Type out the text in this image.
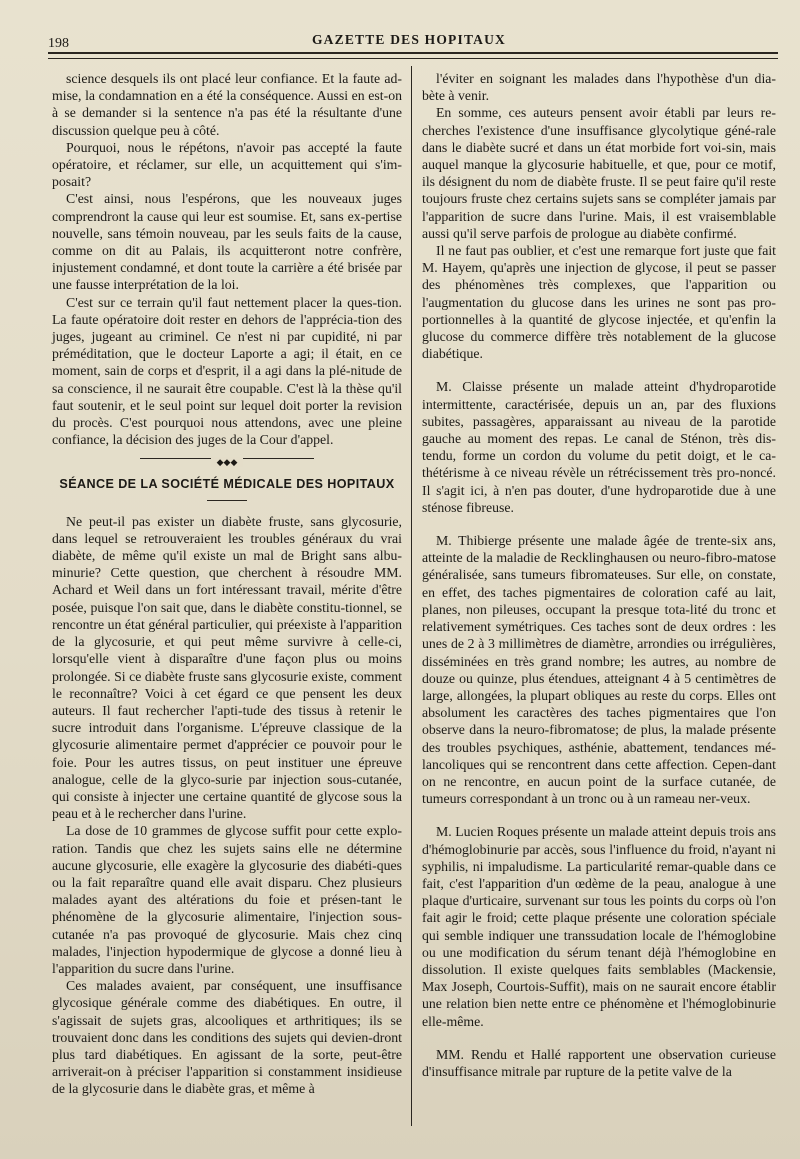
198	GAZETTE DES HOPITAUX

science desquels ils ont placé leur confiance. Et la faute ad-mise, la condamnation en a été la conséquence. Aussi en est-on à se demander si la sentence n'a pas été la résultante d'une discussion quelque peu à côté.

Pourquoi, nous le répétons, n'avoir pas accepté la faute opératoire, et réclamer, sur elle, un acquittement qui s'im-posait?

C'est ainsi, nous l'espérons, que les nouveaux juges comprendront la cause qui leur est soumise. Et, sans ex-pertise nouvelle, sans témoin nouveau, par les seuls faits de la cause, comme on dit au Palais, ils acquitteront notre confrère, injustement condamné, et dont toute la carrière a été brisée par une fausse interprétation de la loi.

C'est sur ce terrain qu'il faut nettement placer la ques-tion. La faute opératoire doit rester en dehors de l'apprécia-tion des juges, jugeant au criminel. Ce n'est ni par cupidité, ni par préméditation, que le docteur Laporte a agi; il était, en ce moment, sain de corps et d'esprit, il a agi dans la plé-nitude de sa conscience, il ne saurait être coupable. C'est là la thèse qu'il faut soutenir, et le seul point sur lequel doit porter la revision du procès. C'est pourquoi nous attendons, avec une pleine confiance, la décision des juges de la Cour d'appel.

◆◆◆
SÉANCE DE LA SOCIÉTÉ MÉDICALE DES HOPITAUX

Ne peut-il pas exister un diabète fruste, sans glycosurie, dans lequel se retrouveraient les troubles généraux du vrai diabète, de même qu'il existe un mal de Bright sans albu-minurie? Cette question, que cherchent à résoudre MM. Achard et Weil dans un fort intéressant travail, mérite d'être posée, puisque l'on sait que, dans le diabète constitu-tionnel, se rencontre un état général particulier, qui préexiste à l'apparition de la glycosurie, et qui peut même survivre à celle-ci, lorsqu'elle vient à disparaître d'une façon plus ou moins prolongée. Si ce diabète fruste sans glycosurie existe, comment le reconnaître? Voici à cet égard ce que pensent les deux auteurs. Il faut rechercher l'apti-tude des tissus à retenir le sucre introduit dans l'organisme. L'épreuve classique de la glycosurie alimentaire permet d'apprécier ce pouvoir pour le foie. Pour les autres tissus, on peut instituer une épreuve analogue, celle de la glyco-surie par injection sous-cutanée, qui consiste à injecter une certaine quantité de glycose sous la peau et à le rechercher dans l'urine.

La dose de 10 grammes de glycose suffit pour cette explo-ration. Tandis que chez les sujets sains elle ne détermine aucune glycosurie, elle exagère la glycosurie des diabéti-ques ou la fait reparaître quand elle avait disparu. Chez plusieurs malades ayant des altérations du foie et présen-tant le phénomène de la glycosurie alimentaire, l'injection sous-cutanée n'a pas provoqué de glycosurie. Mais chez cinq malades, l'injection hypodermique de glycose a donné lieu à l'apparition du sucre dans l'urine.

Ces malades avaient, par conséquent, une insuffisance glycosique générale comme des diabétiques. En outre, il s'agissait de sujets gras, alcooliques et arthritiques; ils se trouvaient donc dans les conditions des sujets qui devien-dront plus tard diabétiques. En agissant de la sorte, peut-être arriverait-on à préciser l'apparition si constamment insidieuse de la glycosurie dans le diabète gras, et même à

l'éviter en soignant les malades dans l'hypothèse d'un dia-bète à venir.

En somme, ces auteurs pensent avoir établi par leurs re-cherches l'existence d'une insuffisance glycolytique géné-rale dans le diabète sucré et dans un état morbide fort voi-sin, mais auquel manque la glycosurie habituelle, et que, pour ce motif, ils désignent du nom de diabète fruste. Il se peut faire qu'il reste toujours fruste chez certains sujets sans se compléter jamais par l'apparition de sucre dans l'urine. Mais, il est vraisemblable aussi qu'il serve parfois de prologue au diabète confirmé.

Il ne faut pas oublier, et c'est une remarque fort juste que fait M. Hayem, qu'après une injection de glycose, il peut se passer des phénomènes très complexes, que l'apparition ou l'augmentation du glucose dans les urines ne sont pas pro-portionnelles à la quantité de glycose injectée, et qu'enfin la glucose du commerce diffère très notablement de la glucose diabétique.

M. Claisse présente un malade atteint d'hydroparotide intermittente, caractérisée, depuis un an, par des fluxions subites, passagères, apparaissant au niveau de la parotide gauche au moment des repas. Le canal de Sténon, très dis-tendu, forme un cordon du volume du petit doigt, et le ca-thétérisme à ce niveau révèle un rétrécissement très pro-noncé. Il s'agit ici, à n'en pas douter, d'une hydroparotide due à une sténose fibreuse.

M. Thibierge présente une malade âgée de trente-six ans, atteinte de la maladie de Recklinghausen ou neuro-fibro-matose généralisée, sans tumeurs fibromateuses. Sur elle, on constate, en effet, des taches pigmentaires de coloration café au lait, planes, non pileuses, occupant la presque tota-lité du tronc et relativement symétriques. Ces taches sont de deux ordres : les unes de 2 à 3 millimètres de diamètre, arrondies ou irrégulières, disséminées en très grand nombre; les autres, au nombre de douze ou quinze, plus étendues, atteignant 4 à 5 centimètres de large, allongées, la plupart obliques au reste du corps. Elles ont absolument les caractères des taches pigmentaires que l'on observe dans la neuro-fibromatose; de plus, la malade présente des troubles psychiques, asthénie, abattement, tendances mé-lancoliques qui se rencontrent dans cette affection. Cepen-dant on ne rencontre, en aucun point de la surface cutanée, de tumeurs correspondant à un tronc ou à un rameau ner-veux.

M. Lucien Roques présente un malade atteint depuis trois ans d'hémoglobinurie par accès, sous l'influence du froid, n'ayant ni syphilis, ni impaludisme. La particularité remar-quable dans ce fait, c'est l'apparition d'un œdème de la peau, analogue à une plaque d'urticaire, survenant sur tous les points du corps où l'on fait agir le froid; cette plaque présente une coloration spéciale qui semble indiquer une transsudation locale de l'hémoglobine ou une modification du sérum tenant déjà l'hémoglobine en dissolution. Il existe quelques faits semblables (Mackensie, Max Joseph, Courtois-Suffit), mais on ne saurait encore établir une relation bien nette entre ce phénomène et l'hémoglobinurie elle-même.

MM. Rendu et Hallé rapportent une observation curieuse d'insuffisance mitrale par rupture de la petite valve de la
